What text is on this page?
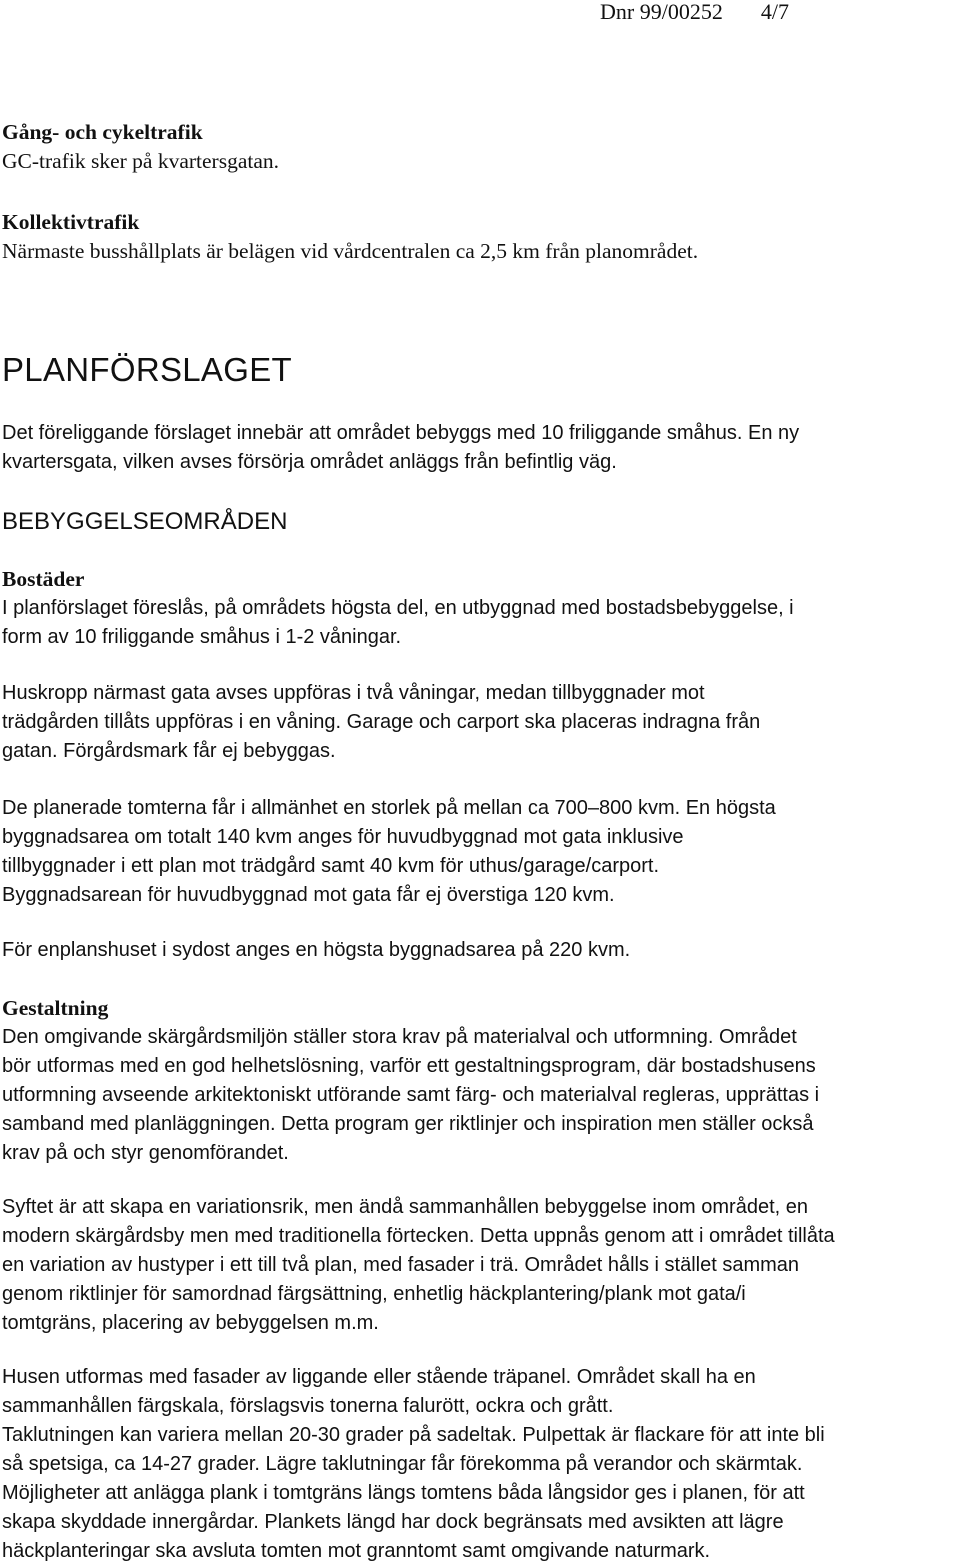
Dnr 99/00252 4/7

Gång- och cykeltrafik

GC-trafik sker på kvartersgatan.

Kollektivtrafik

Närmaste busshållplats är belägen vid vårdcentralen ca 2,5 km från planområdet.

PLANFÖRSLAGET

Det föreliggande förslaget innebär att området bebyggs med 10 friliggande småhus. En ny

kvartersgata, vilken avses försörja området anläggs från befintlig väg.

BEBYGGELSEOMRÅDEN

Bostäder

I planförslaget föreslås, på områdets högsta del, en utbyggnad med bostadsbebyggelse, i

form av 10 friliggande småhus i 1-2 våningar.

Huskropp närmast gata avses uppföras i två våningar, medan tillbyggnader mot

trädgården tillåts uppföras i en våning. Garage och carport ska placeras indragna från

gatan. Förgårdsmark får ej bebyggas.

De planerade tomterna får i allmänhet en storlek på mellan ca 700–800 kvm. En högsta

byggnadsarea om totalt 140 kvm anges för huvudbyggnad mot gata inklusive

tillbyggnader i ett plan mot trädgård samt 40 kvm för uthus/garage/carport.

Byggnadsarean för huvudbyggnad mot gata får ej överstiga 120 kvm.

För enplanshuset i sydost anges en högsta byggnadsarea på 220 kvm.

Gestaltning

Den omgivande skärgårdsmiljön ställer stora krav på materialval och utformning. Området

bör utformas med en god helhetslösning, varför ett gestaltningsprogram, där bostadshusens

utformning avseende arkitektoniskt utförande samt färg- och materialval regleras, upprättas i

samband med planläggningen. Detta program ger riktlinjer och inspiration men ställer också

krav på och styr genomförandet.

Syftet är att skapa en variationsrik, men ändå sammanhållen bebyggelse inom området, en

modern skärgårdsby men med traditionella förtecken. Detta uppnås genom att i området tillåta

en variation av hustyper i ett till två plan, med fasader i trä. Området hålls i stället samman

genom riktlinjer för samordnad färgsättning, enhetlig häckplantering/plank mot gata/i

tomtgräns, placering av bebyggelsen m.m.

Husen utformas med fasader av liggande eller stående träpanel. Området skall ha en

sammanhållen färgskala, förslagsvis tonerna falurött, ockra och grått.

Taklutningen kan variera mellan 20-30 grader på sadeltak. Pulpettak är flackare för att inte bli

så spetsiga, ca 14-27 grader. Lägre taklutningar får förekomma på verandor och skärmtak.

Möjligheter att anlägga plank i tomtgräns längs tomtens båda långsidor ges i planen, för att

skapa skyddade innergårdar. Plankets längd har dock begränsats med avsikten att lägre

häckplanteringar ska avsluta tomten mot granntomt samt omgivande naturmark.
